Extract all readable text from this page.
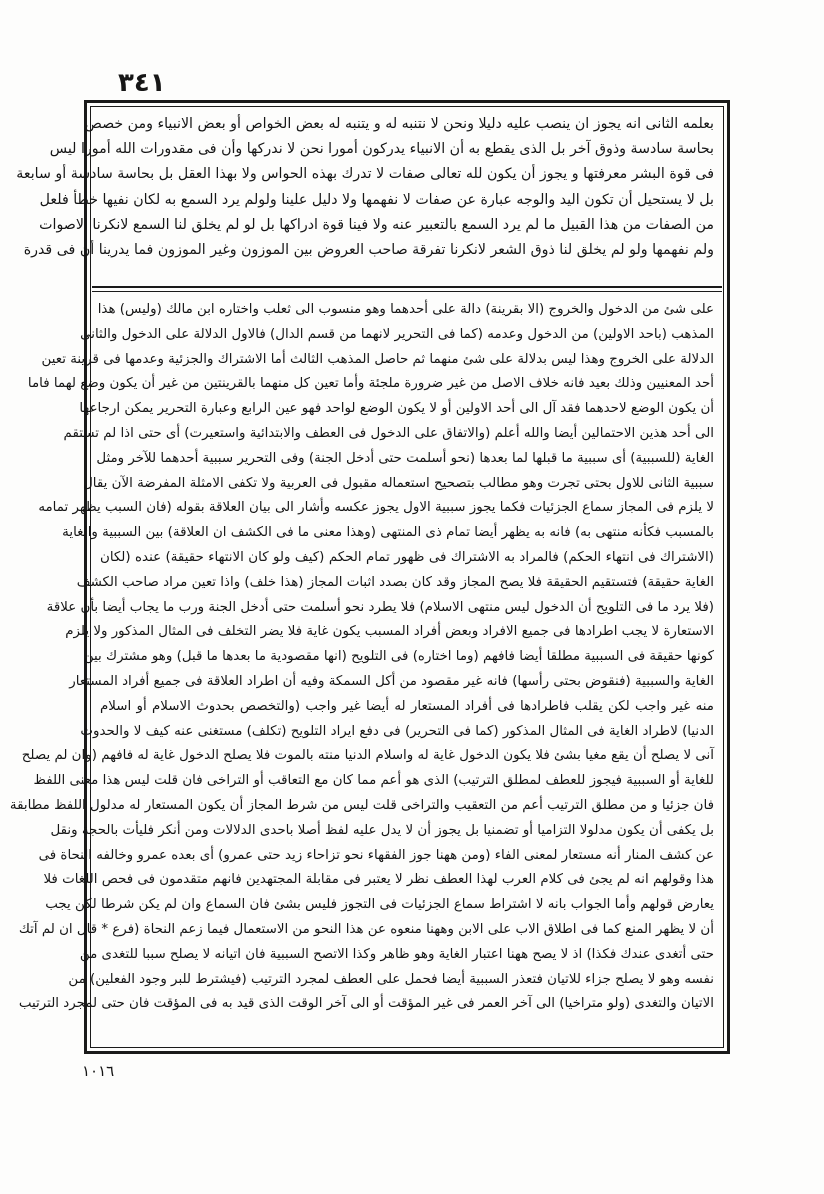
٣٤١

بعلمه الثانى انه يجوز ان ينصب عليه دليلا ونحن لا نتنبه له و يتنبه له بعض الخواص أو بعض الانبياء ومن خصص

بحاسة سادسة وذوق آخر بل الذى يقطع به أن الانبياء يدركون أمورا نحن لا ندركها وأن فى مقدورات الله أمورا ليس

فى قوة البشر معرفتها و يجوز أن يكون لله تعالى صفات لا تدرك بهذه الحواس ولا بهذا العقل بل بحاسة سادسة أو سابعة

بل لا يستحيل أن تكون اليد والوجه عبارة عن صفات لا نفهمها ولا دليل علينا ولولم يرد السمع به لكان نفيها خطأ فلعل

من الصفات من هذا القبيل ما لم يرد السمع بالتعبير عنه ولا فينا قوة ادراكها بل لو لم يخلق لنا السمع لانكرنا الاصوات

ولم نفهمها ولو لم يخلق لنا ذوق الشعر لانكرنا تفرقة صاحب العروض بين الموزون وغير الموزون فما يدرينا أن فى قدرة

على شئ من الدخول والخروج (الا بقرينة) دالة على أحدهما وهو منسوب الى ثعلب واختاره ابن مالك (وليس) هذا

المذهب (باحد الاولين) من الدخول وعدمه (كما فى التحرير لانهما من قسم الدال) فالاول الدلالة على الدخول والثانى

الدلالة على الخروج وهذا ليس بدلالة على شئ منهما ثم حاصل المذهب الثالث أما الاشتراك والجزئية وعدمها فى قرينة تعين

أحد المعنيين وذلك بعيد فانه خلاف الاصل من غير ضرورة ملجئة وأما تعين كل منهما بالقرينتين من غير أن يكون وضع لهما فاما

أن يكون الوضع لاحدهما فقد آل الى أحد الاولين أو لا يكون الوضع لواحد فهو عين الرابع وعبارة التحرير يمكن ارجاعها

الى أحد هذين الاحتمالين أيضا والله أعلم (والاتفاق على الدخول فى العطف والابتدائية واستعيرت) أى حتى اذا لم تستقم

الغاية (للسببية) أى سببية ما قبلها لما بعدها (نحو أسلمت حتى أدخل الجنة) وفى التحرير سببية أحدهما للآخر ومثل

سببية الثانى للاول بحتى تجرت وهو مطالب بتصحيح استعماله مقبول فى العربية ولا تكفى الامثلة المفرضة الآن يقال

لا يلزم فى المجاز سماع الجزئيات فكما يجوز سببية الاول يجوز عكسه وأشار الى بيان العلاقة بقوله (فان السبب يظهر تمامه

بالمسبب فكأنه منتهى به) فانه به يظهر أيضا تمام ذى المنتهى (وهذا معنى ما فى الكشف ان العلاقة) بين السببية والغاية

(الاشتراك فى انتهاء الحكم) فالمراد به الاشتراك فى ظهور تمام الحكم (كيف ولو كان الانتهاء حقيقة) عنده (لكان

الغاية حقيقة) فتستقيم الحقيقة فلا يصح المجاز وقد كان بصدد اثبات المجاز (هذا خلف) واذا تعين مراد صاحب الكشف

(فلا يرد ما فى التلويح أن الدخول ليس منتهى الاسلام) فلا يطرد نحو أسلمت حتى أدخل الجنة ورب ما يجاب أيضا بأن علاقة

الاستعارة لا يجب اطرادها فى جميع الافراد وبعض أفراد المسبب يكون غاية فلا يضر التخلف فى المثال المذكور ولا يلزم

كونها حقيقة فى السببية مطلقا أيضا فافهم (وما اختاره) فى التلويح (انها مقصودية ما بعدها ما قبل) وهو مشترك بين

الغاية والسببية (فنقوض بحتى رأسها) فانه غير مقصود من أكل السمكة وفيه أن اطراد العلاقة فى جميع أفراد المستعار

منه غير واجب لكن يقلب فاطرادها فى أفراد المستعار له أيضا غير واجب (والتخصص بحدوث الاسلام أو اسلام

الدنيا) لاطراد الغاية فى المثال المذكور (كما فى التحرير) فى دفع ايراد التلويح (تكلف) مستغنى عنه كيف لا والحدوث

آنى لا يصلح أن يقع مغيا بشئ فلا يكون الدخول غاية له واسلام الدنيا منته بالموت فلا يصلح الدخول غاية له فافهم (وان لم يصلح

للغاية أو السببية فيجوز للعطف لمطلق الترتيب) الذى هو أعم مما كان مع التعاقب أو التراخى فان قلت ليس هذا معنى اللفظ

فان جزئيا و من مطلق الترتيب أعم من التعقيب والتراخى قلت ليس من شرط المجاز أن يكون المستعار له مدلول اللفظ مطابقة

بل يكفى أن يكون مدلولا التزاميا أو تضمنيا بل يجوز أن لا يدل عليه لفظ أصلا باحدى الدلالات ومن أنكر فليأت بالحجة ونقل

عن كشف المنار أنه مستعار لمعنى الفاء (ومن ههنا جوز الفقهاء نحو تزاحاء زيد حتى عمرو) أى بعده عمرو وخالفه النحاة فى

هذا وقولهم انه لم يجئ فى كلام العرب لهذا العطف نظر لا يعتبر فى مقابلة المجتهدين فانهم متقدمون فى فحص اللغات فلا

يعارض قولهم وأما الجواب بانه لا اشتراط سماع الجزئيات فى التجوز فليس بشئ فان السماع وان لم يكن شرطا لكن يجب

أن لا يظهر المنع كما فى اطلاق الاب على الابن وههنا منعوه عن هذا النحو من الاستعمال فيما زعم النحاة (فرع * قال ان لم آتك

حتى أتغدى عندك فكذا) اذ لا يصح ههنا اعتبار الغاية وهو ظاهر وكذا الاتصح السببية فان اتيانه لا يصلح سببا للتغدى من

نفسه وهو لا يصلح جزاء للاتيان فتعذر السببية أيضا فحمل على العطف لمجرد الترتيب (فيشترط للبر وجود الفعلين) من

الاتيان والتغدى (ولو متراخيا) الى آخر العمر فى غير المؤقت أو الى آخر الوقت الذى قيد به فى المؤقت فان حتى لمجرد الترتيب

١٠١٦
